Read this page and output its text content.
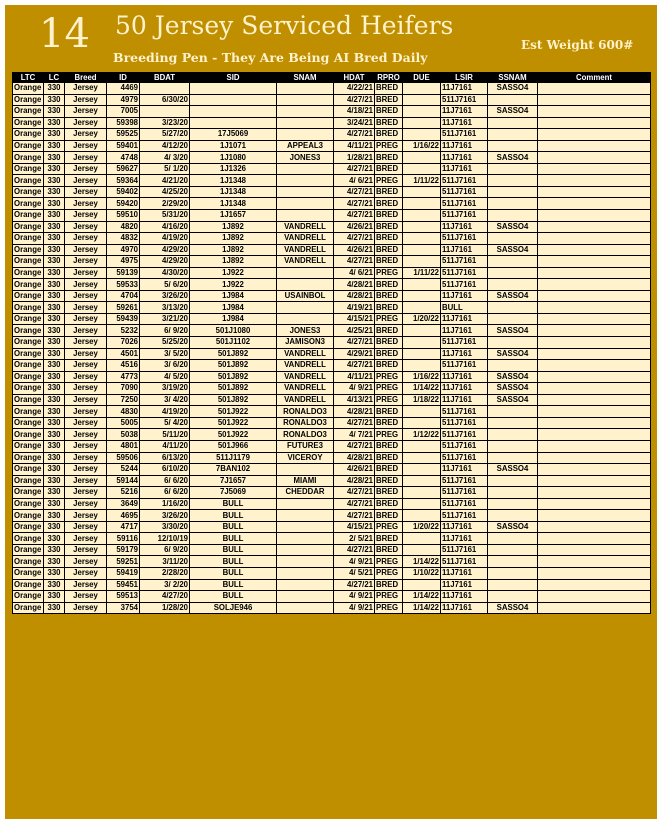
14 50 Jersey Serviced Heifers
Breeding Pen - They Are Being AI Bred Daily
Est Weight 600#
LTC	LC	Breed	ID	BDAT	SID	SNAM	HDAT	RPRO	DUE	LSIR	SSNAM	Comment
Orange	330	Jersey	4469				4/22/21	BRED		11J7161	SASSO4	
Orange	330	Jersey	4979	6/30/20			4/27/21	BRED		511J7161		
Orange	330	Jersey	7005				4/18/21	BRED		11J7161	SASSO4	
Orange	330	Jersey	59398	3/23/20			3/24/21	BRED		11J7161		
Orange	330	Jersey	59525	5/27/20	17J5069		4/27/21	BRED		511J7161		
Orange	330	Jersey	59401	4/12/20	1J1071	APPEAL3	4/11/21	PREG	1/16/22	11J7161		
Orange	330	Jersey	4748	4/ 3/20	1J1080	JONES3	1/28/21	BRED		11J7161	SASSO4	
Orange	330	Jersey	59627	5/ 1/20	1J1326		4/27/21	BRED		11J7161		
Orange	330	Jersey	59364	4/21/20	1J1348		4/ 6/21	PREG	1/11/22	511J7161		
Orange	330	Jersey	59402	4/25/20	1J1348		4/27/21	BRED		511J7161		
Orange	330	Jersey	59420	2/29/20	1J1348		4/27/21	BRED		511J7161		
Orange	330	Jersey	59510	5/31/20	1J1657		4/27/21	BRED		511J7161		
Orange	330	Jersey	4820	4/16/20	1J892	VANDRELL	4/26/21	BRED		11J7161	SASSO4	
Orange	330	Jersey	4832	4/19/20	1J892	VANDRELL	4/27/21	BRED		511J7161		
Orange	330	Jersey	4970	4/29/20	1J892	VANDRELL	4/26/21	BRED		11J7161	SASSO4	
Orange	330	Jersey	4975	4/29/20	1J892	VANDRELL	4/27/21	BRED		511J7161		
Orange	330	Jersey	59139	4/30/20	1J922		4/ 6/21	PREG	1/11/22	511J7161		
Orange	330	Jersey	59533	5/ 6/20	1J922		4/28/21	BRED		511J7161		
Orange	330	Jersey	4704	3/26/20	1J984	USAINBOL	4/28/21	BRED		11J7161	SASSO4	
Orange	330	Jersey	59261	3/13/20	1J984		4/19/21	BRED		BULL		
Orange	330	Jersey	59439	3/21/20	1J984		4/15/21	PREG	1/20/22	11J7161		
Orange	330	Jersey	5232	6/ 9/20	501J1080	JONES3	4/25/21	BRED		11J7161	SASSO4	
Orange	330	Jersey	7026	5/25/20	501J1102	JAMISON3	4/27/21	BRED		511J7161		
Orange	330	Jersey	4501	3/ 5/20	501J892	VANDRELL	4/29/21	BRED		11J7161	SASSO4	
Orange	330	Jersey	4516	3/ 6/20	501J892	VANDRELL	4/27/21	BRED		511J7161		
Orange	330	Jersey	4773	4/ 5/20	501J892	VANDRELL	4/11/21	PREG	1/16/22	11J7161	SASSO4	
Orange	330	Jersey	7090	3/19/20	501J892	VANDRELL	4/ 9/21	PREG	1/14/22	11J7161	SASSO4	
Orange	330	Jersey	7250	3/ 4/20	501J892	VANDRELL	4/13/21	PREG	1/18/22	11J7161	SASSO4	
Orange	330	Jersey	4830	4/19/20	501J922	RONALDO3	4/28/21	BRED		511J7161		
Orange	330	Jersey	5005	5/ 4/20	501J922	RONALDO3	4/27/21	BRED		511J7161		
Orange	330	Jersey	5038	5/11/20	501J922	RONALDO3	4/ 7/21	PREG	1/12/22	511J7161		
Orange	330	Jersey	4801	4/11/20	501J966	FUTURE3	4/27/21	BRED		511J7161		
Orange	330	Jersey	59506	6/13/20	511J1179	VICEROY	4/28/21	BRED		511J7161		
Orange	330	Jersey	5244	6/10/20	7BAN102		4/26/21	BRED		11J7161	SASSO4	
Orange	330	Jersey	59144	6/ 6/20	7J1657	MIAMI	4/28/21	BRED		511J7161		
Orange	330	Jersey	5216	6/ 6/20	7J5069	CHEDDAR	4/27/21	BRED		511J7161		
Orange	330	Jersey	3649	1/16/20	BULL		4/27/21	BRED		511J7161		
Orange	330	Jersey	4695	3/26/20	BULL		4/27/21	BRED		511J7161		
Orange	330	Jersey	4717	3/30/20	BULL		4/15/21	PREG	1/20/22	11J7161	SASSO4	
Orange	330	Jersey	59116	12/10/19	BULL		2/ 5/21	BRED		11J7161		
Orange	330	Jersey	59179	6/ 9/20	BULL		4/27/21	BRED		511J7161		
Orange	330	Jersey	59251	3/11/20	BULL		4/ 9/21	PREG	1/14/22	511J7161		
Orange	330	Jersey	59419	2/28/20	BULL		4/ 5/21	PREG	1/10/22	11J7161		
Orange	330	Jersey	59451	3/ 2/20	BULL		4/27/21	BRED		11J7161		
Orange	330	Jersey	59513	4/27/20	BULL		4/ 9/21	PREG	1/14/22	11J7161		
Orange	330	Jersey	3754	1/28/20	SOLJE946		4/ 9/21	PREG	1/14/22	11J7161	SASSO4	
